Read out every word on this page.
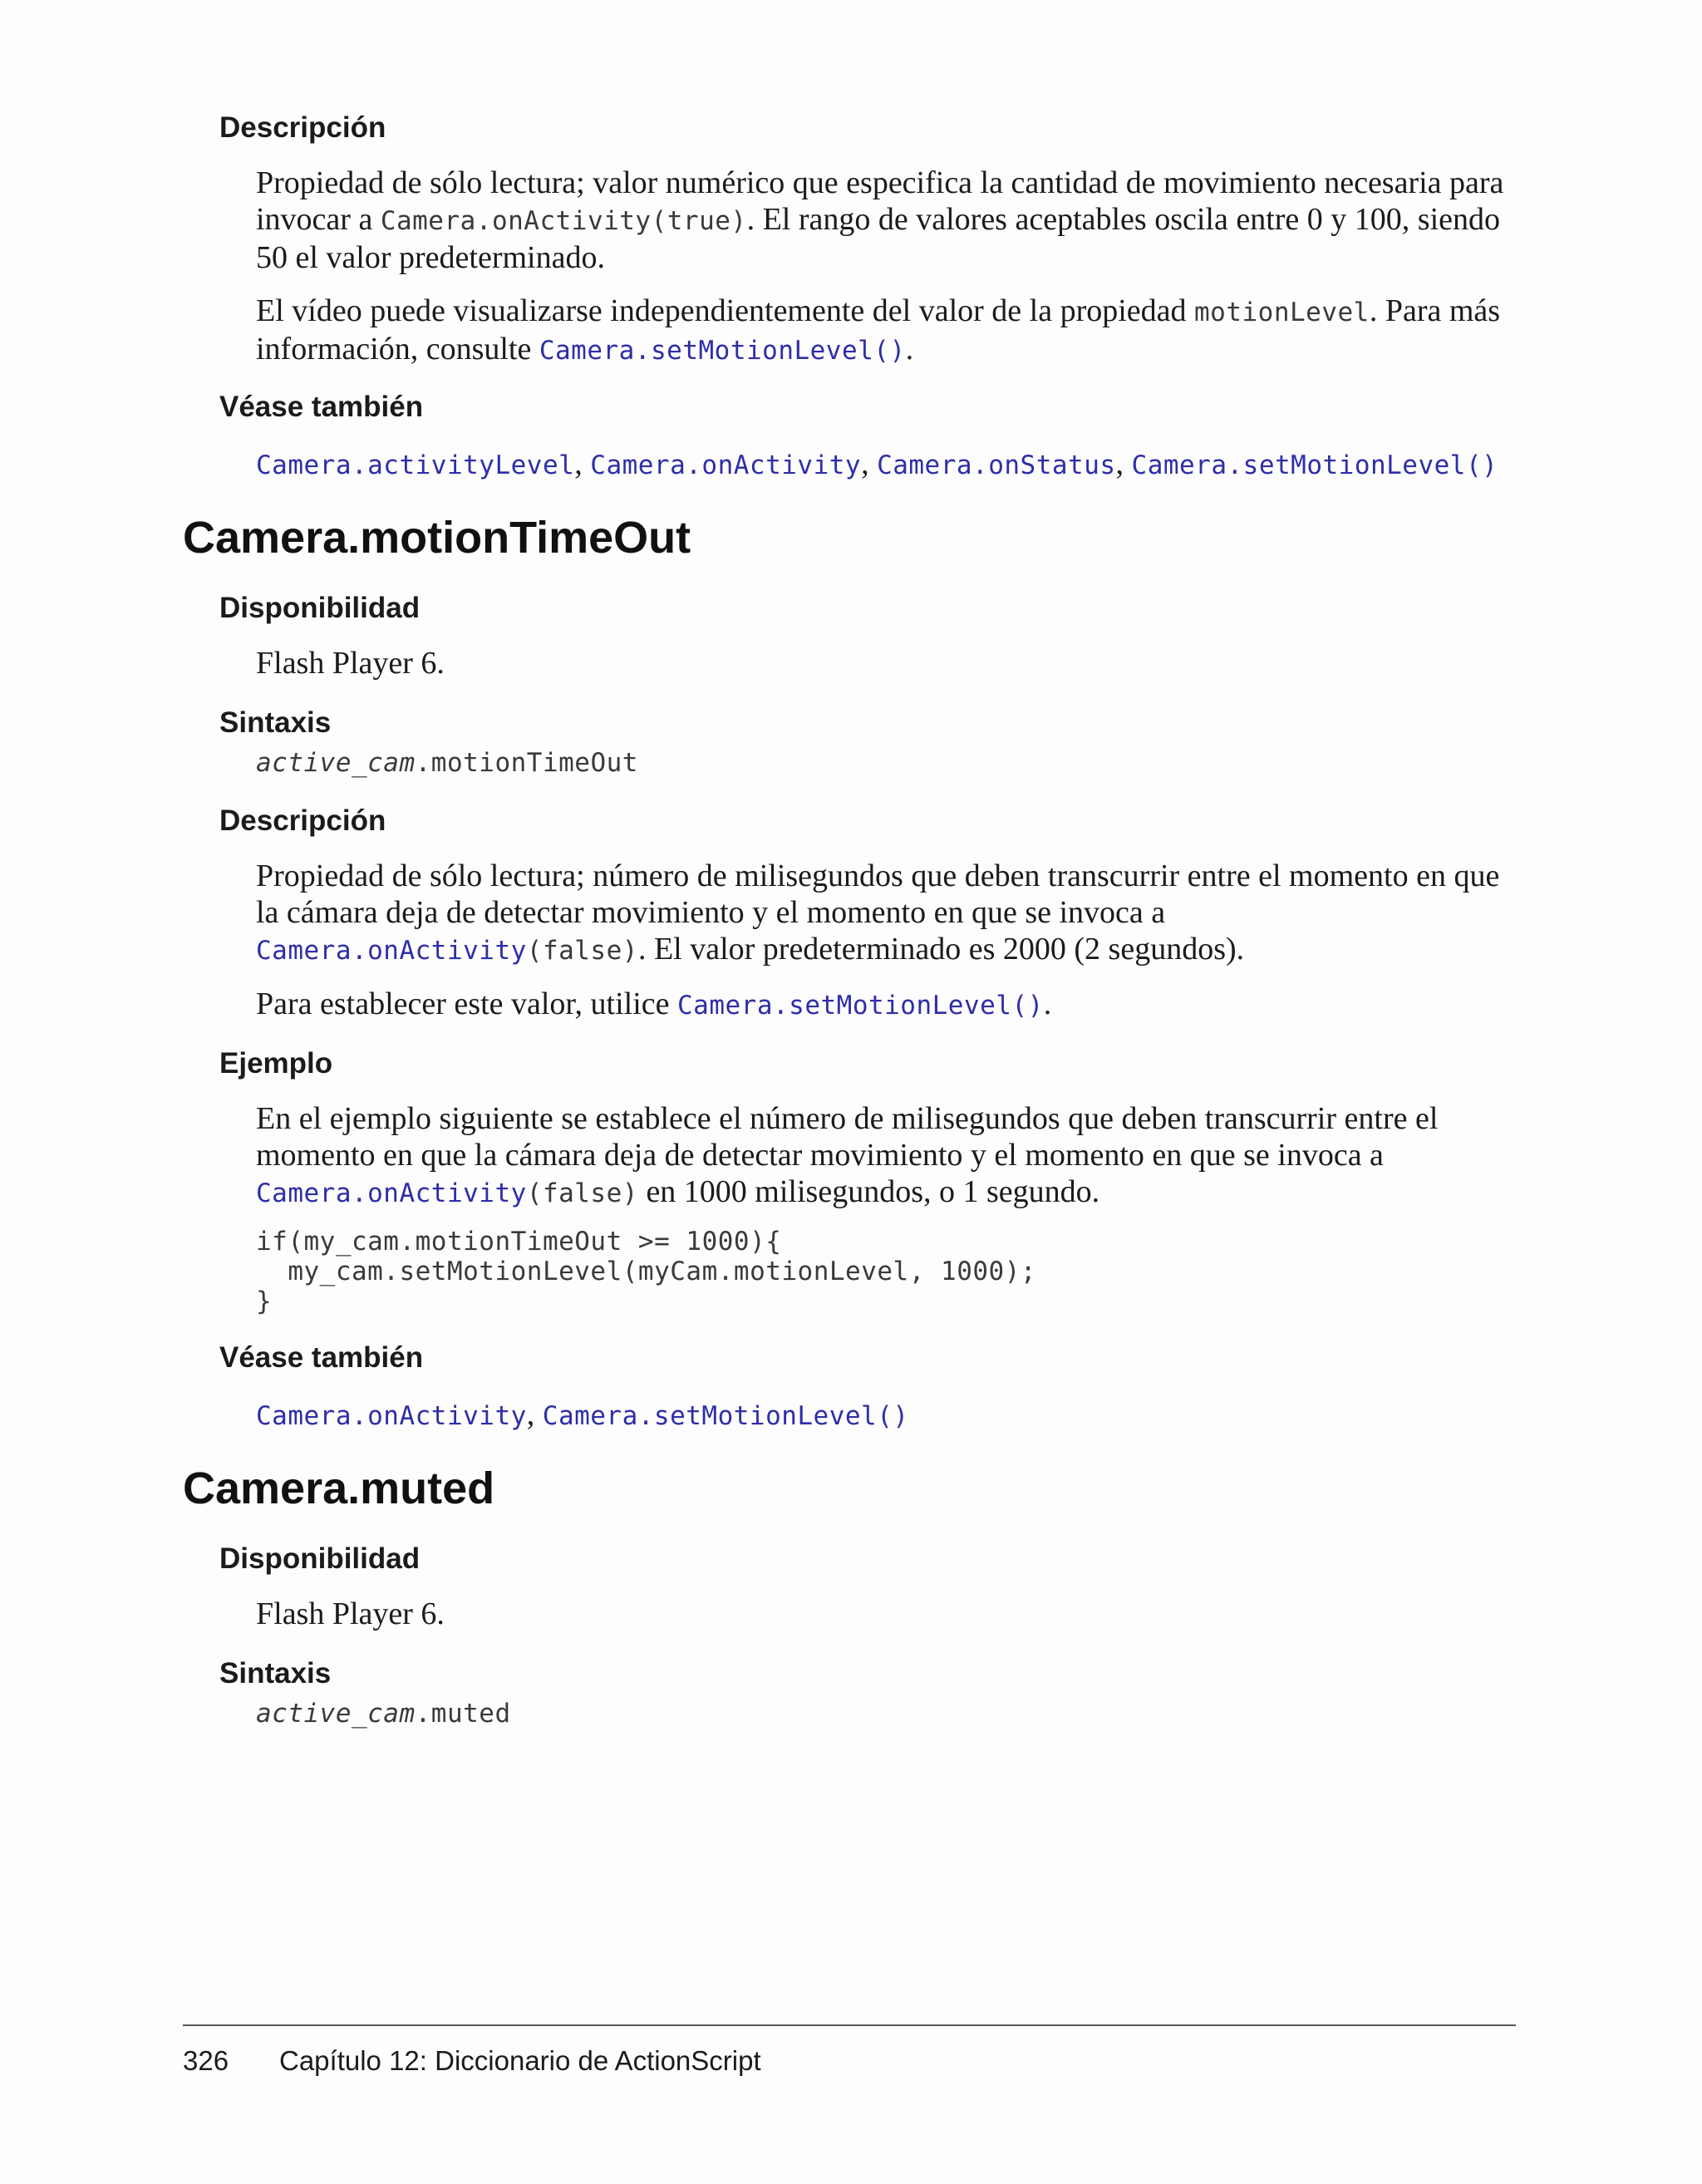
Descripción

Propiedad de sólo lectura; valor numérico que especifica la cantidad de movimiento necesaria para invocar a Camera.onActivity(true). El rango de valores aceptables oscila entre 0 y 100, siendo 50 el valor predeterminado.

El vídeo puede visualizarse independientemente del valor de la propiedad motionLevel. Para más información, consulte Camera.setMotionLevel().

Véase también

Camera.activityLevel, Camera.onActivity, Camera.onStatus, Camera.setMotionLevel()

Camera.motionTimeOut
Disponibilidad

Flash Player 6.

Sintaxis

active_cam.motionTimeOut

Descripción

Propiedad de sólo lectura; número de milisegundos que deben transcurrir entre el momento en que la cámara deja de detectar movimiento y el momento en que se invoca a Camera.onActivity(false). El valor predeterminado es 2000 (2 segundos).

Para establecer este valor, utilice Camera.setMotionLevel().

Ejemplo

En el ejemplo siguiente se establece el número de milisegundos que deben transcurrir entre el momento en que la cámara deja de detectar movimiento y el momento en que se invoca a Camera.onActivity(false) en 1000 milisegundos, o 1 segundo.

if(my_cam.motionTimeOut >= 1000){

my_cam.setMotionLevel(myCam.motionLevel, 1000);

}

Véase también

Camera.onActivity, Camera.setMotionLevel()

Camera.muted
Disponibilidad

Flash Player 6.

Sintaxis

active_cam.muted

326 Capítulo 12: Diccionario de ActionScript
